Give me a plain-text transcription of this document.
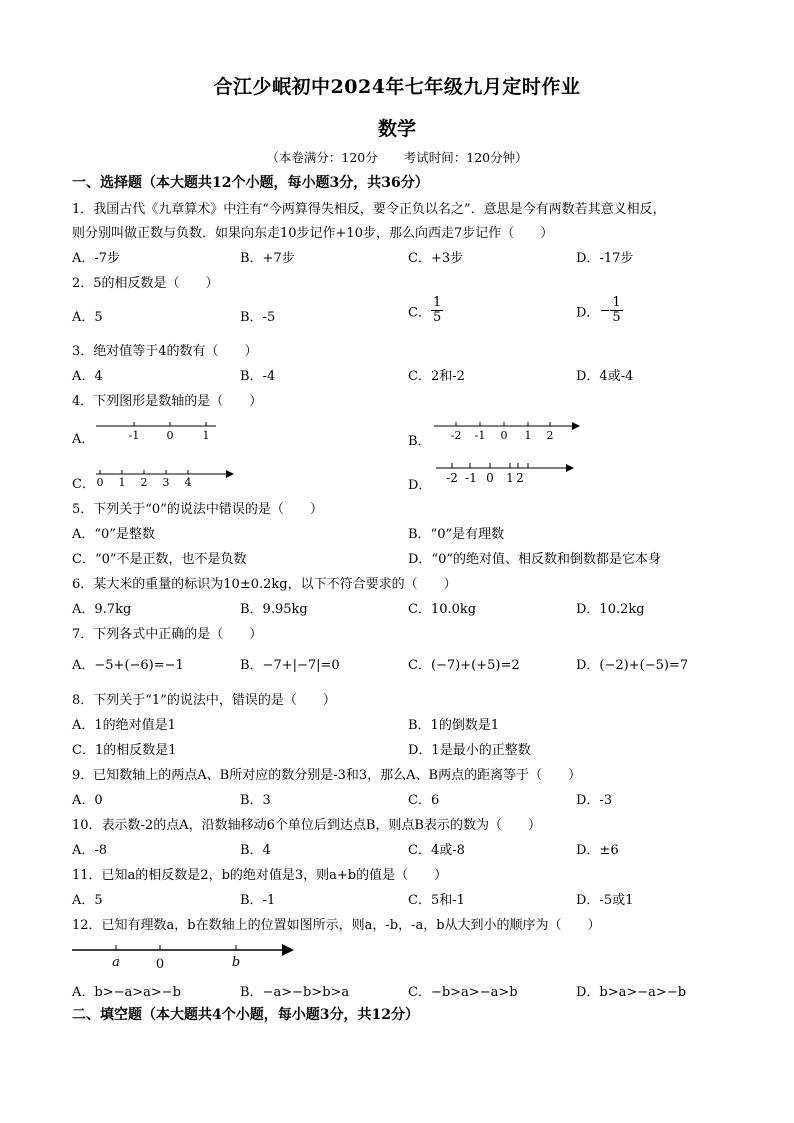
合江少岷初中2024年七年级九月定时作业
数学
（本卷满分：120分 考试时间：120分钟）
一、选择题（本大题共12个小题，每小题3分，共36分）
1．我国古代《九章算术》中注有“今两算得失相反，要令正负以名之”．意思是今有两数若其意义相反，
则分别叫做正数与负数．如果向东走10步记作+10步，那么向西走7步记作（　　）
A．-7步	B．+7步	C．+3步	D．-17步
2．5的相反数是（　　）
A．5	B．-5	C． $\frac{1}{5}$	D．− $\frac{1}{5}$
3．绝对值等于4的数有（　　）
A．4	B．-4	C．2和-2	D．4或-4
4．下列图形是数轴的是（　　）
A．	-1 0	1	B． -2 -1 0 1 2
C． 0 1 2 3 4	D． -2 -1 0 1 2
5．下列关于“0”的说法中错误的是（　　）
A．“0”是整数	B．“0”是有理数
C．“0”不是正数，也不是负数	D．“0”的绝对值、相反数和倒数都是它本身
6．某大米的重量的标识为10±0.2kg，以下不符合要求的（　　）
A．9.7kg	B．9.95kg	C．10.0kg	D．10.2kg
7．下列各式中正确的是（　　）
A．−5+(−6)=−1	B．−7+|−7|=0	C．(−7)+(+5)=2	D．(−2)+(−5)=7
8．下列关于“1”的说法中，错误的是（　　）
A．1的绝对值是1	B．1的倒数是1
C．1的相反数是1	D．1是最小的正整数
9．已知数轴上的两点A、B所对应的数分别是-3和3，那么A、B两点的距离等于（　　）
A．0	B．3	C．6	D．-3
10．表示数-2的点A，沿数轴移动6个单位后到达点B，则点B表示的数为（　　）
A．-8	B．4	C．4或-8	D．±6
11．已知a的相反数是2，b的绝对值是3，则a+b的值是（　　）
A．5	B．-1	C．5和-1	D．-5或1
12．已知有理数a，b在数轴上的位置如图所示，则a，-b，-a，b从大到小的顺序为（　　）
a	0	b
A．b>−a>a>−b	B．−a>−b>b>a	C．−b>a>−a>b	D．b>a>−a>−b
二、填空题（本大题共4个小题，每小题3分，共12分）
